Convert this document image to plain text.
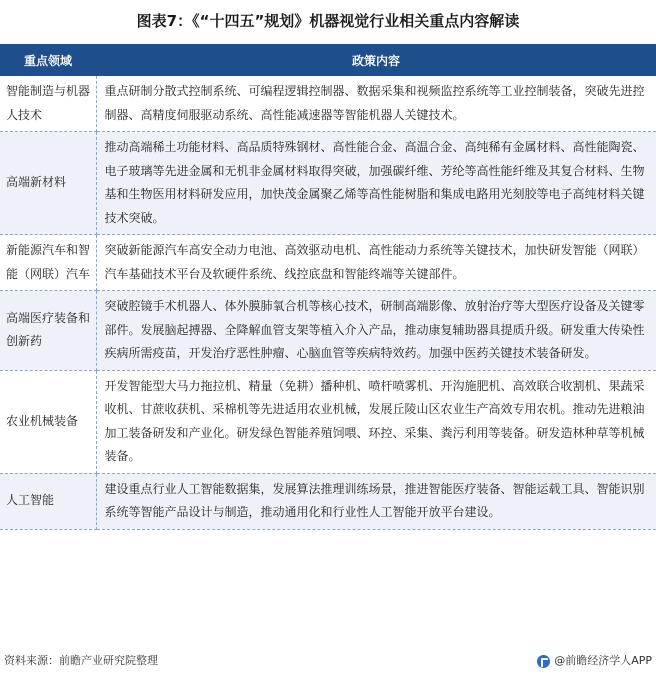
图表7：《“十四五”规划》机器视觉行业相关重点内容解读
重点领域	政策内容
智能制造与机器人技术	重点研制分散式控制系统、可编程逻辑控制器、数据采集和视频监控系统等工业控制装备，突破先进控制器、高精度伺服驱动系统、高性能减速器等智能机器人关键技术。
高端新材料	推动高端稀土功能材料、高品质特殊钢材、高性能合金、高温合金、高纯稀有金属材料、高性能陶瓷、电子玻璃等先进金属和无机非金属材料取得突破，加强碳纤维、芳纶等高性能纤维及其复合材料、生物基和生物医用材料研发应用，加快茂金属聚乙烯等高性能树脂和集成电路用光刻胶等电子高纯材料关键技术突破。
新能源汽车和智能（网联）汽车	突破新能源汽车高安全动力电池、高效驱动电机、高性能动力系统等关键技术，加快研发智能（网联）汽车基础技术平台及软硬件系统、线控底盘和智能终端等关键部件。
高端医疗装备和创新药	突破腔镜手术机器人、体外膜肺氧合机等核心技术，研制高端影像、放射治疗等大型医疗设备及关键零部件。发展脑起搏器、全降解血管支架等植入介入产品，推动康复辅助器具提质升级。研发重大传染性疾病所需疫苗，开发治疗恶性肿瘤、心脑血管等疾病特效药。加强中医药关键技术装备研发。
农业机械装备	开发智能型大马力拖拉机、精量（免耕）播种机、喷杆喷雾机、开沟施肥机、高效联合收割机、果蔬采收机、甘蔗收获机、采棉机等先进适用农业机械，发展丘陵山区农业生产高效专用农机。推动先进粮油加工装备研发和产业化。研发绿色智能养殖饲喂、环控、采集、粪污利用等装备。研发造林种草等机械装备。
人工智能	建设重点行业人工智能数据集，发展算法推理训练场景，推进智能医疗装备、智能运载工具、智能识别系统等智能产品设计与制造，推动通用化和行业性人工智能开放平台建设。
资料来源：前瞻产业研究院整理	@前瞻经济学人APP
